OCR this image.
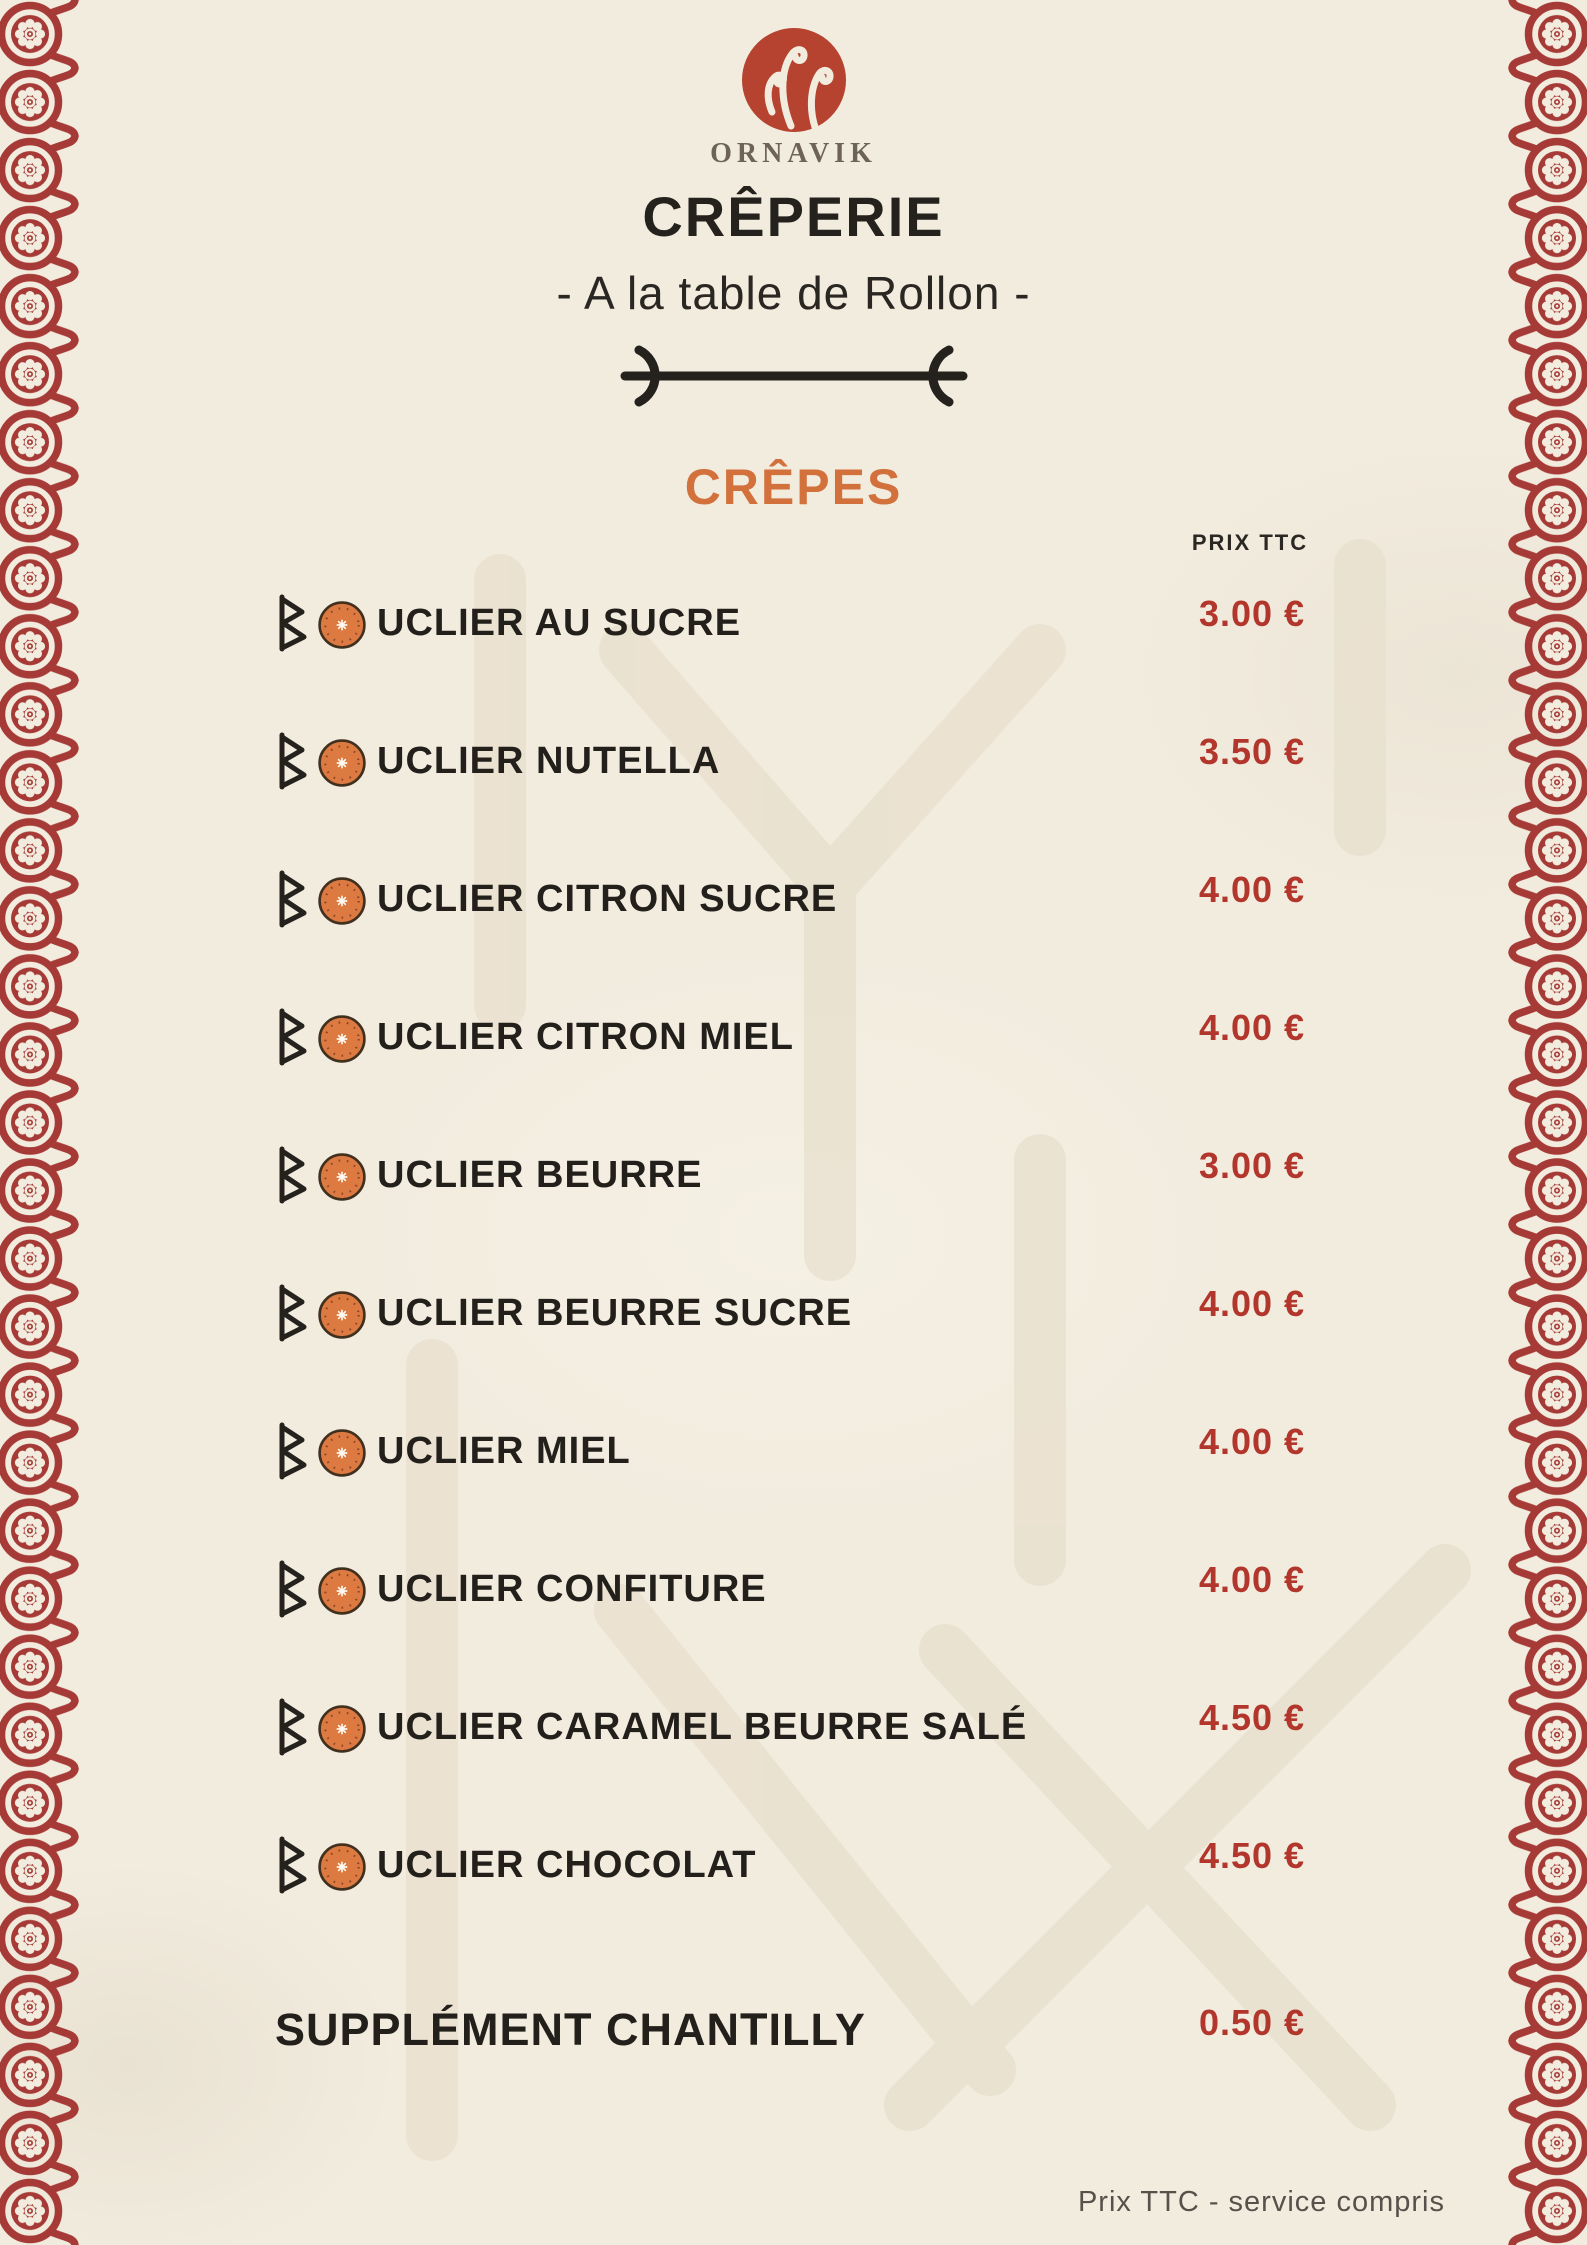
ORNAVIK
CRÊPERIE
- A la table de Rollon -
CRÊPES
PRIX TTC
UCLIER AU SUCRE	3.00 €
UCLIER NUTELLA	3.50 €
UCLIER CITRON SUCRE	4.00 €
UCLIER CITRON MIEL	4.00 €
UCLIER BEURRE	3.00 €
UCLIER BEURRE SUCRE	4.00 €
UCLIER MIEL	4.00 €
UCLIER CONFITURE	4.00 €
UCLIER CARAMEL BEURRE SALÉ	4.50 €
UCLIER CHOCOLAT	4.50 €
SUPPLÉMENT CHANTILLY	0.50 €
Prix TTC - service compris
